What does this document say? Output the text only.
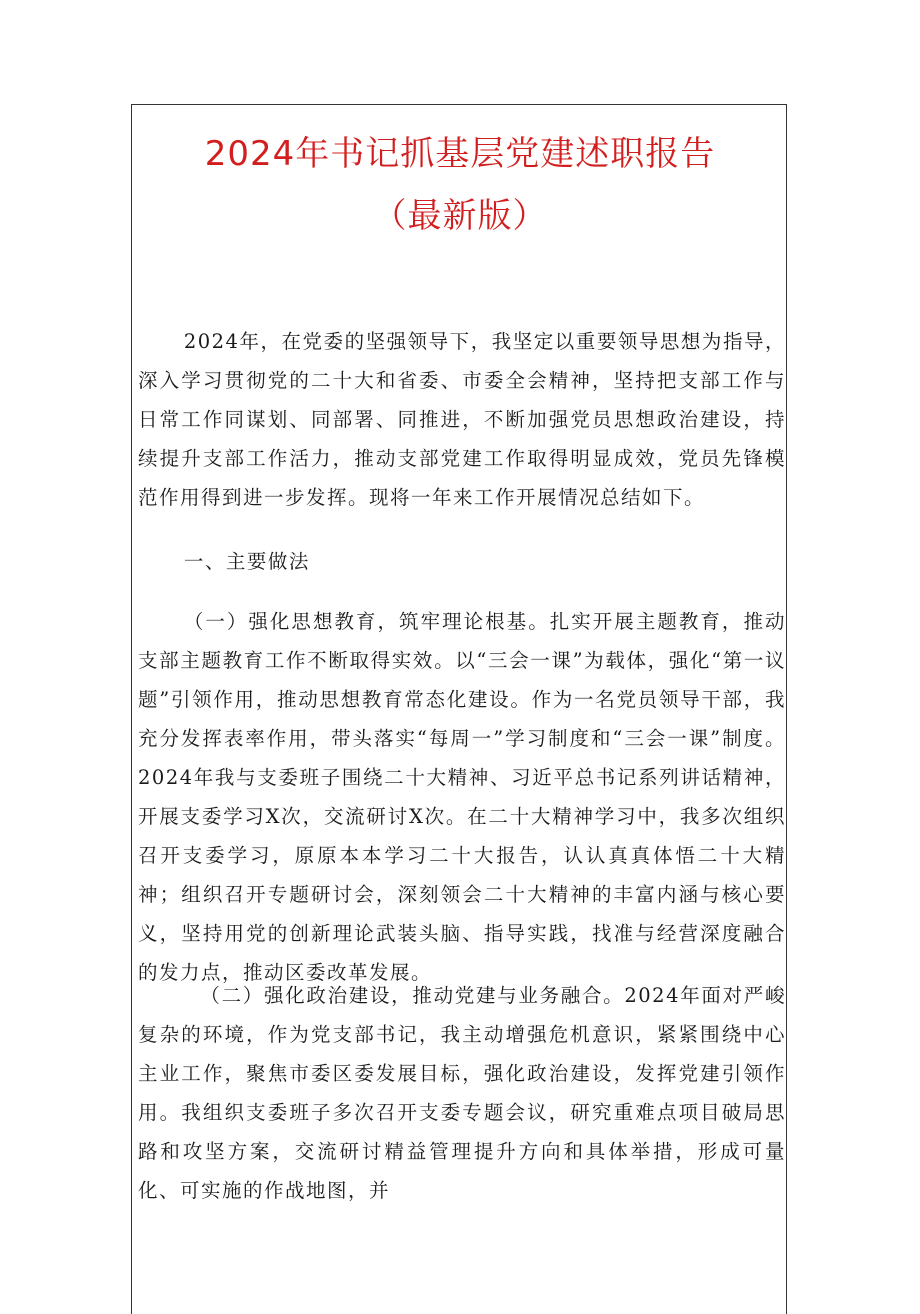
2024年书记抓基层党建述职报告
（最新版）

2024年，在党委的坚强领导下，我坚定以重要领导思想为指导，深入学习贯彻党的二十大和省委、市委全会精神，坚持把支部工作与日常工作同谋划、同部署、同推进，不断加强党员思想政治建设，持续提升支部工作活力，推动支部党建工作取得明显成效，党员先锋模范作用得到进一步发挥。现将一年来工作开展情况总结如下。

一、主要做法

（一）强化思想教育，筑牢理论根基。扎实开展主题教育，推动支部主题教育工作不断取得实效。以“三会一课”为载体，强化“第一议题”引领作用，推动思想教育常态化建设。作为一名党员领导干部，我充分发挥表率作用，带头落实“每周一”学习制度和“三会一课”制度。2024年我与支委班子围绕二十大精神、习近平总书记系列讲话精神，开展支委学习X次，交流研讨X次。在二十大精神学习中，我多次组织召开支委学习，原原本本学习二十大报告，认认真真体悟二十大精神；组织召开专题研讨会，深刻领会二十大精神的丰富内涵与核心要义，坚持用党的创新理论武装头脑、指导实践，找准与经营深度融合的发力点，推动区委改革发展。

（二）强化政治建设，推动党建与业务融合。2024年面对严峻复杂的环境，作为党支部书记，我主动增强危机意识，紧紧围绕中心主业工作，聚焦市委区委发展目标，强化政治建设，发挥党建引领作用。我组织支委班子多次召开支委专题会议，研究重难点项目破局思路和攻坚方案，交流研讨精益管理提升方向和具体举措，形成可量化、可实施的作战地图，并
